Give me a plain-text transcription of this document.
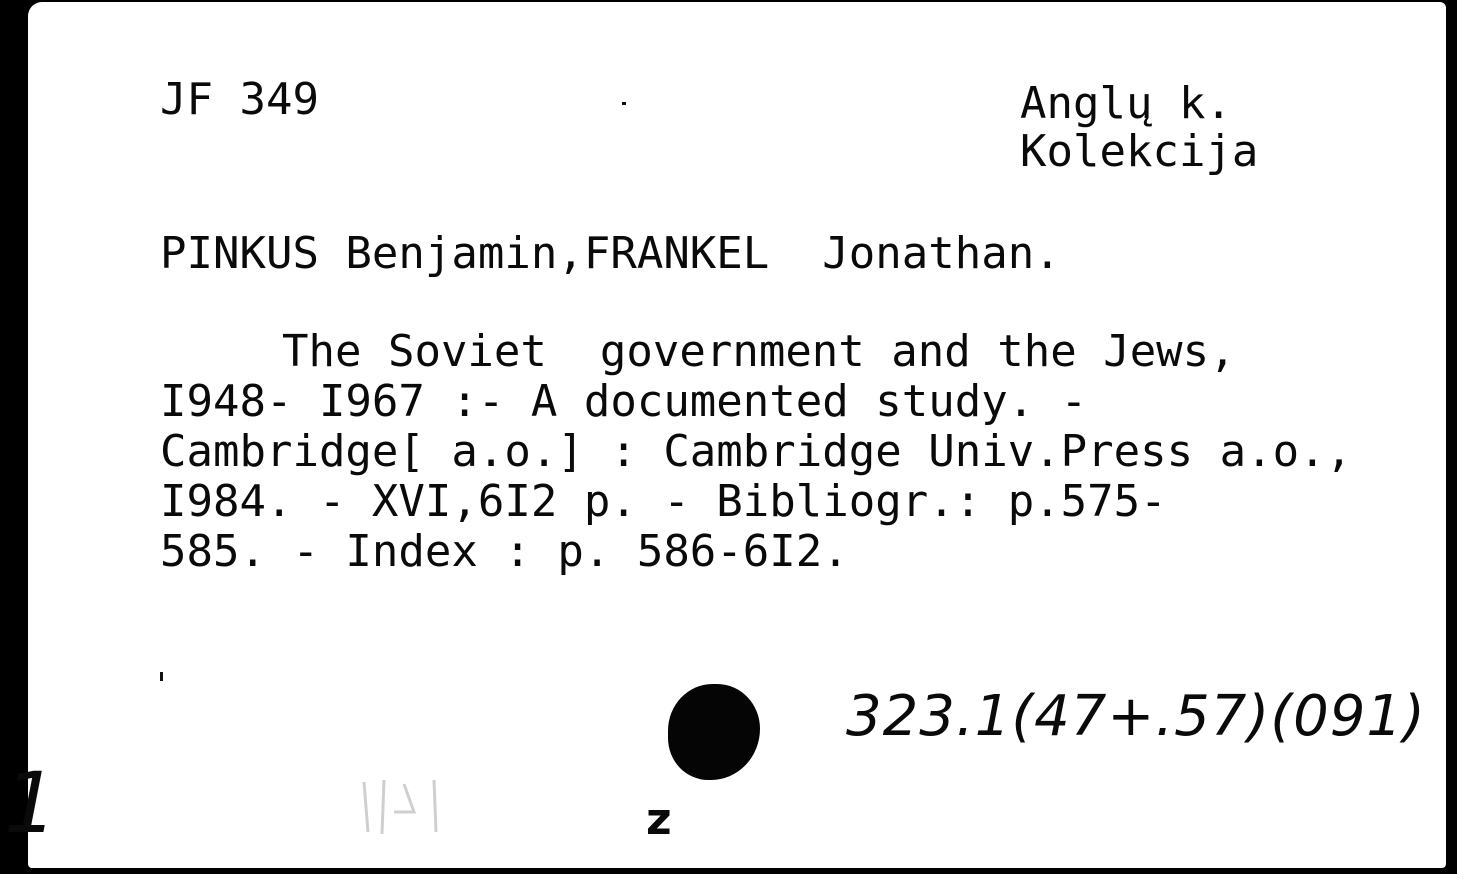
JF 349	Anglų k.
Kolekcija
PINKUS Benjamin,FRANKEL  Jonathan.
The Soviet  government and the Jews,
I948- I967 :- A documented study. -
Cambridge[ a.o.] : Cambridge Univ.Press a.o.,
I984. - XVI,6I2 p. - Bibliogr.: p.575-
585. - Index : p. 586-6I2.
323.1(47+.57)(091)
1	z
